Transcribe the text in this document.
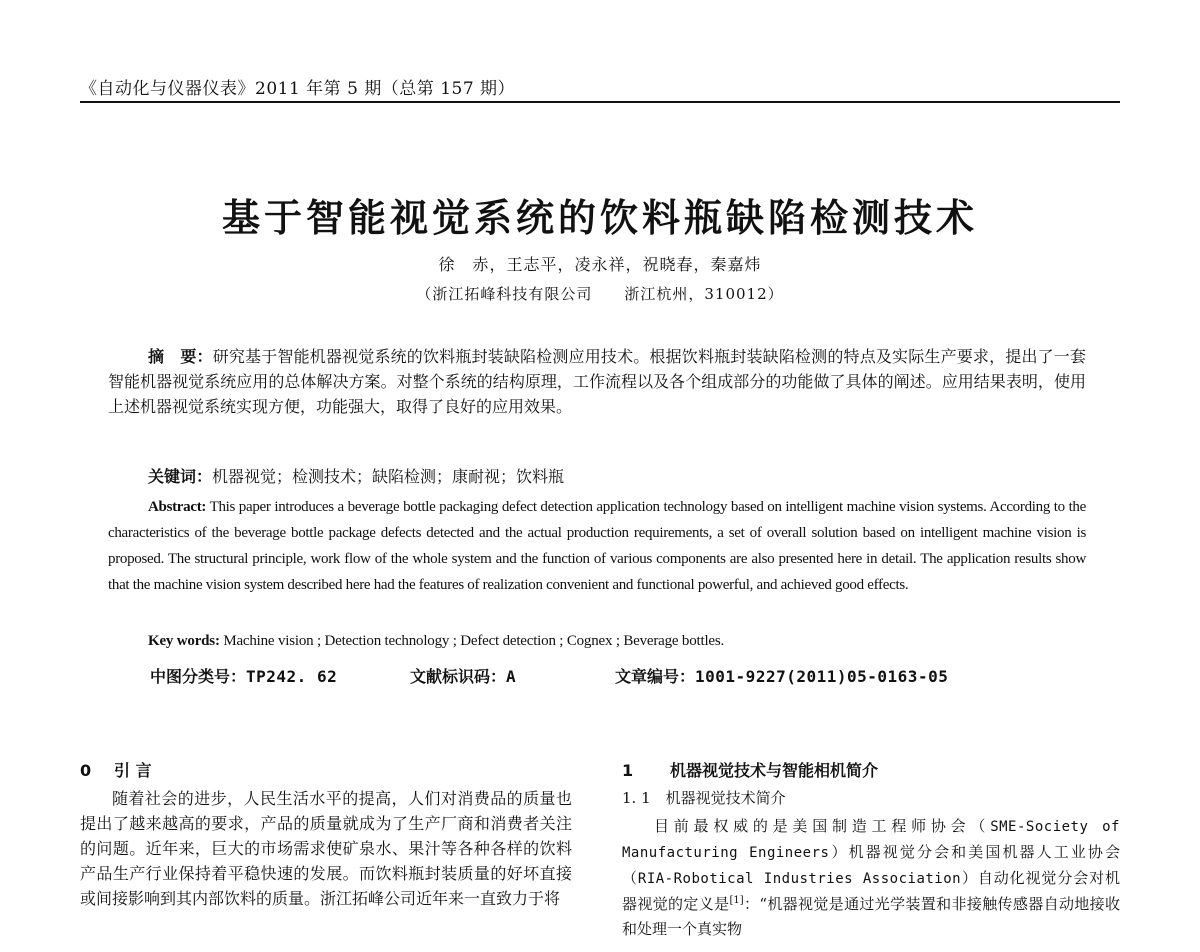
《自动化与仪器仪表》2011 年第 5 期（总第 157 期）
基于智能视觉系统的饮料瓶缺陷检测技术
徐　赤，王志平，凌永祥，祝晓春，秦嘉炜
（浙江拓峰科技有限公司　　浙江杭州，310012）
摘　要：研究基于智能机器视觉系统的饮料瓶封装缺陷检测应用技术。根据饮料瓶封装缺陷检测的特点及实际生产要求，提出了一套智能机器视觉系统应用的总体解决方案。对整个系统的结构原理，工作流程以及各个组成部分的功能做了具体的阐述。应用结果表明，使用上述机器视觉系统实现方便，功能强大，取得了良好的应用效果。
关键词：机器视觉；检测技术；缺陷检测；康耐视；饮料瓶
Abstract: This paper introduces a beverage bottle packaging defect detection application technology based on intelligent machine vision systems. According to the characteristics of the beverage bottle package defects detected and the actual production requirements, a set of overall solution based on intelligent machine vision is proposed. The structural principle, work flow of the whole system and the function of various components are also presented here in detail. The application results show that the machine vision system described here had the features of realization convenient and functional powerful, and achieved good effects.
Key words: Machine vision ; Detection technology ; Defect detection ; Cognex ; Beverage bottles.
中图分类号：TP242. 62	文献标识码：A	文章编号：1001-9227(2011)05-0163-05
0 引 言
随着社会的进步，人民生活水平的提高，人们对消费品的质量也提出了越来越高的要求，产品的质量就成为了生产厂商和消费者关注的问题。近年来，巨大的市场需求使矿泉水、果汁等各种各样的饮料产品生产行业保持着平稳快速的发展。而饮料瓶封装质量的好坏直接或间接影响到其内部饮料的质量。浙江拓峰公司近年来一直致力于将
1 机器视觉技术与智能相机简介
1. 1　 机器视觉技术简介
目前最权威的是美国制造工程师协会（SME-Society of Manufacturing Engineers）机器视觉分会和美国机器人工业协会（RIA-Robotical Industries Association）自动化视觉分会对机器视觉的定义是[1]：“机器视觉是通过光学装置和非接触传感器自动地接收和处理一个真实物
